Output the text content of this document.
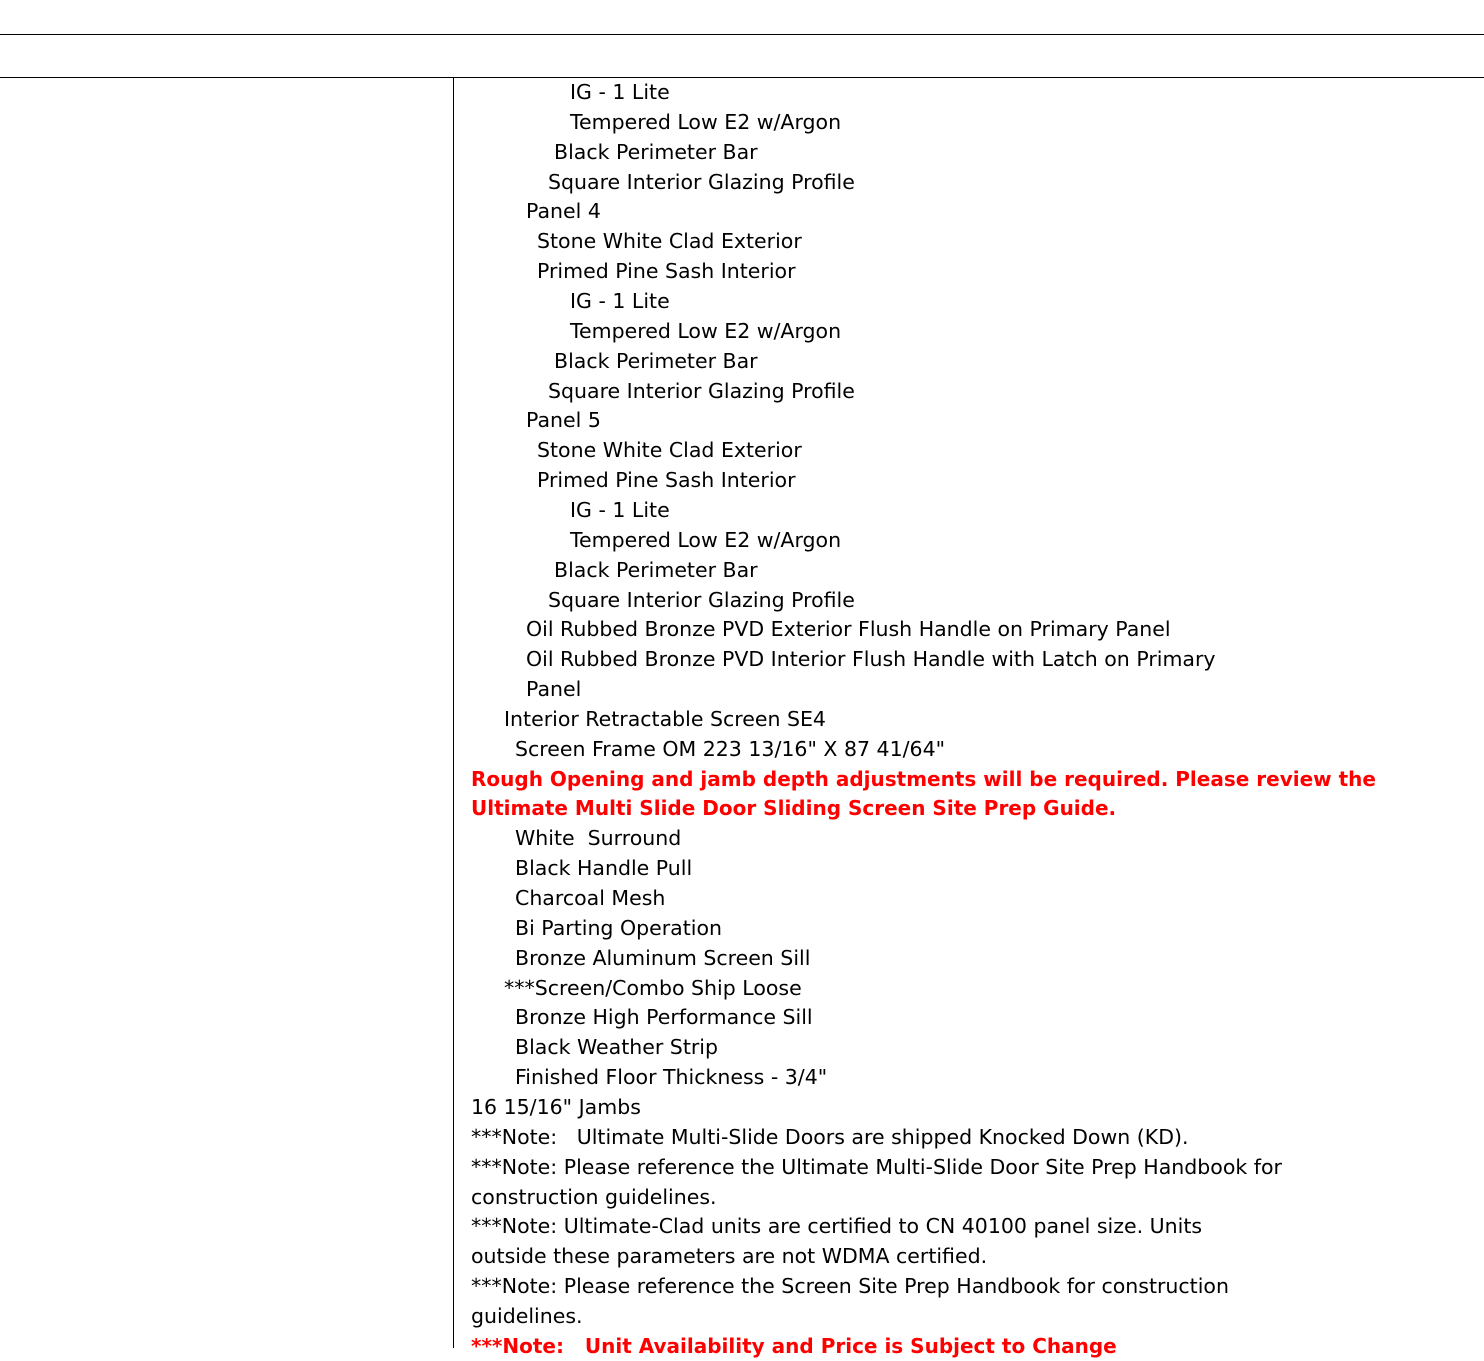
IG - 1 Lite
Tempered Low E2 w/Argon
Black Perimeter Bar
Square Interior Glazing Profile
Panel 4
Stone White Clad Exterior
Primed Pine Sash Interior
IG - 1 Lite
Tempered Low E2 w/Argon
Black Perimeter Bar
Square Interior Glazing Profile
Panel 5
Stone White Clad Exterior
Primed Pine Sash Interior
IG - 1 Lite
Tempered Low E2 w/Argon
Black Perimeter Bar
Square Interior Glazing Profile
Oil Rubbed Bronze PVD Exterior Flush Handle on Primary Panel
Oil Rubbed Bronze PVD Interior Flush Handle with Latch on Primary
Panel
Interior Retractable Screen SE4
Screen Frame OM 223 13/16" X 87 41/64"
Rough Opening and jamb depth adjustments will be required. Please review the
Ultimate Multi Slide Door Sliding Screen Site Prep Guide.
White  Surround
Black Handle Pull
Charcoal Mesh
Bi Parting Operation
Bronze Aluminum Screen Sill
***Screen/Combo Ship Loose
Bronze High Performance Sill
Black Weather Strip
Finished Floor Thickness - 3/4"
16 15/16" Jambs
***Note:   Ultimate Multi-Slide Doors are shipped Knocked Down (KD).
***Note: Please reference the Ultimate Multi-Slide Door Site Prep Handbook for
construction guidelines.
***Note: Ultimate-Clad units are certified to CN 40100 panel size. Units
outside these parameters are not WDMA certified.
***Note: Please reference the Screen Site Prep Handbook for construction
guidelines.
***Note:   Unit Availability and Price is Subject to Change
